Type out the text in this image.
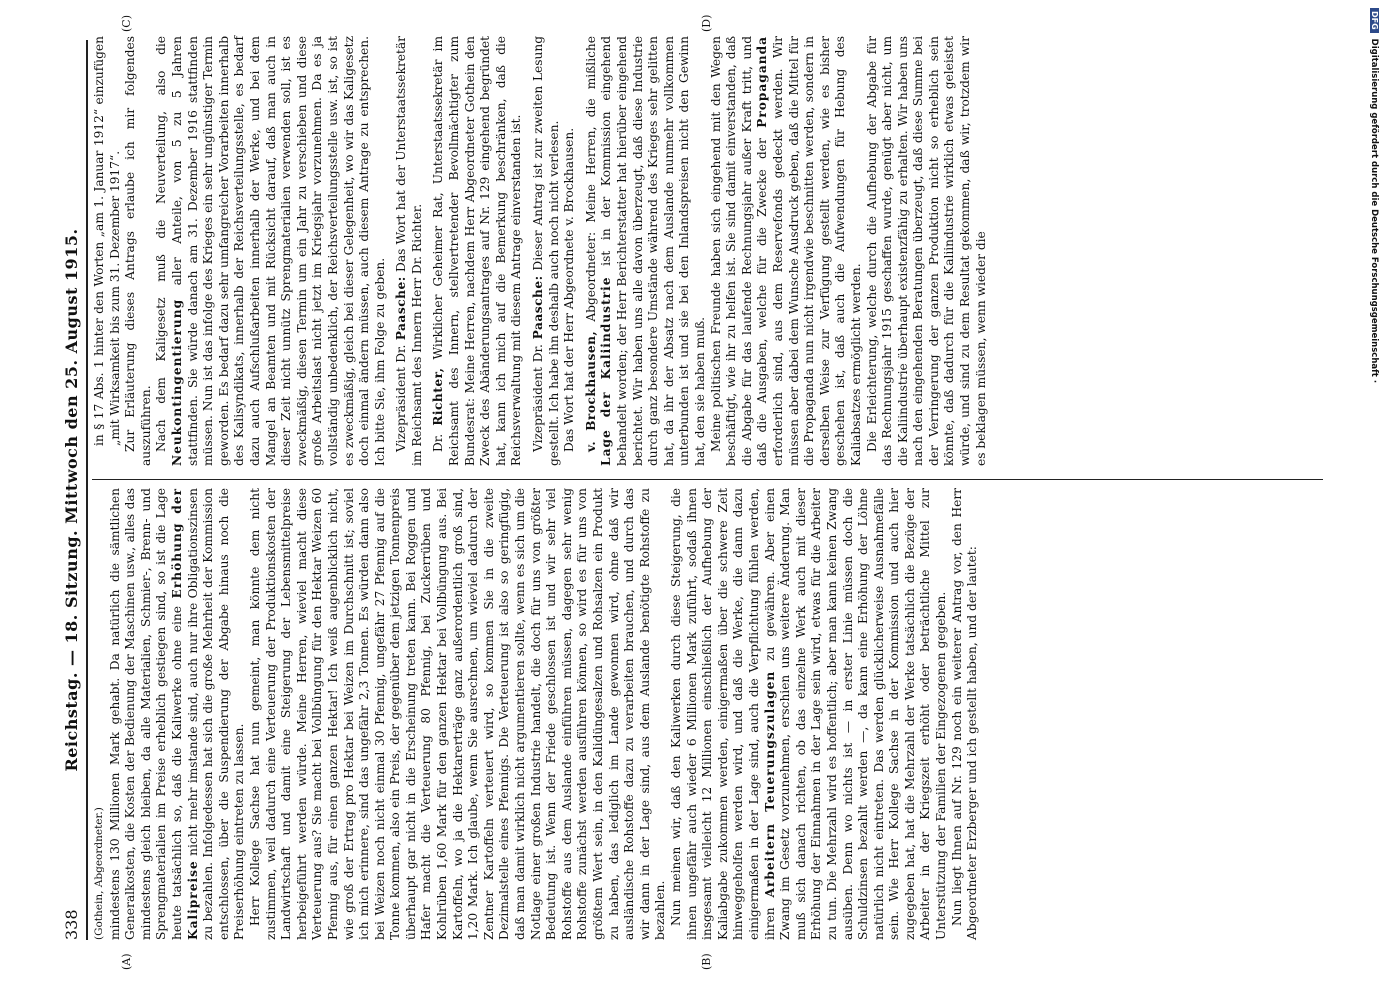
338
Reichstag. — 18. Sitzung. Mittwoch den 25. August 1915.
(A)	(B)
(C)	(D)

(Gothein, Abgeordneter.) mindestens 130 Millionen Mark gehabt. Da natürlich die sämtlichen Generalkosten, die Kosten der Bedienung der Maschinen usw., alles das mindestens gleich bleiben, da alle Materialien, Schmier-, Brenn- und Sprengmaterialien im Preise erheblich gestiegen sind, so ist die Lage heute tatsächlich so, daß die Kaliwerke ohne eine Erhöhung der Kalipreise nicht mehr imstande sind, auch nur ihre Obligationszinsen zu bezahlen. Infolgedessen hat sich die große Mehrheit der Kommission entschlossen, über die Suspendierung der Abgabe hinaus noch die Preiserhöhung eintreten zu lassen. Herr Kollege Sachse hat nun gemeint, man könnte dem nicht zustimmen, weil dadurch eine Verteuerung der Produktionskosten der Landwirtschaft und damit eine Steigerung der Lebensmittelpreise herbeigeführt werden würde. Meine Herren, wieviel macht diese Verteuerung aus? Sie macht bei Vollbüngung für den Hektar Weizen 60 Pfennig aus, für einen ganzen Hektar! Ich weiß augenblicklich nicht, wie groß der Ertrag pro Hektar bei Weizen im Durchschnitt ist; soviel ich mich erinnere, sind das ungefähr 2,3 Tonnen. Es würden dann also bei Weizen noch nicht einmal 30 Pfennig, ungefähr 27 Pfennig auf die Tonne kommen, also ein Preis, der gegenüber dem jetzigen Tonnenpreis überhaupt gar nicht in die Erscheinung treten kann. Bei Roggen und Hafer macht die Verteuerung 80 Pfennig, bei Zuckerrüben und Kohlrüben 1,60 Mark für den ganzen Hektar bei Vollbüngung aus. Bei Kartoffeln, wo ja die Hektarerträge ganz außerordentlich groß sind, 1,20 Mark. Ich glaube, wenn Sie ausrechnen, um wieviel dadurch der Zentner Kartoffeln verteuert wird, so kommen Sie in die zweite Dezimalstelle eines Pfennigs. Die Verteuerung ist also so geringfügig, daß man damit wirklich nicht argumentieren sollte, wenn es sich um die Notlage einer großen Industrie handelt, die doch für uns von größter Bedeutung ist. Wenn der Friede geschlossen ist und wir sehr viel Rohstoffe aus dem Auslande einführen müssen, dagegen sehr wenig Rohstoffe zunächst werden ausführen können, so wird es für uns von größtem Wert sein, in den Kalidüngesalzen und Rohsalzen ein Produkt zu haben, das lediglich im Lande gewonnen wird, ohne daß wir ausländische Rohstoffe dazu zu verarbeiten brauchen, und durch das wir dann in der Lage sind, aus dem Auslande benötigte Rohstoffe zu bezahlen. Nun meinen wir, daß den Kaliwerken durch diese Steigerung, die ihnen ungefähr auch wieder 6 Millionen Mark zuführt, sodaß ihnen insgesamt vielleicht 12 Millionen einschließlich der Aufhebung der Kaliabgabe zukommen werden, einigermaßen über die schwere Zeit hinweggeholfen werden wird, und daß die Werke, die dann dazu einigermaßen in der Lage sind, auch die Verpflichtung fühlen werden, ihren Arbeitern Teuerungszulagen zu gewähren. Aber einen Zwang im Gesetz vorzunehmen, erschien uns weitere Änderung. Man muß sich danach richten, ob das einzelne Werk auch mit dieser Erhöhung der Einnahmen in der Lage sein wird, etwas für die Arbeiter zu tun. Die Mehrzahl wird es hoffentlich; aber man kann keinen Zwang ausüben. Denn wo nichts ist — in erster Linie müssen doch die Schuldzinsen bezahlt werden —, da kann eine Erhöhung der Löhne natürlich nicht eintreten. Das werden glücklicherweise Ausnahmefälle sein. Wie Herr Kollege Sachse in der Kommission und auch hier zugegeben hat, hat die Mehrzahl der Werke tatsächlich die Bezüge der Arbeiter in der Kriegszeit erhöht oder beträchtliche Mittel zur Unterstützung der Familien der Eingezogenen gegeben. Nun liegt Ihnen auf Nr. 129 noch ein weiterer Antrag vor, den Herr Abgeordneter Erzberger und ich gestellt haben, und der lautet:

in § 17 Abs. 1 hinter den Worten „am 1. Januar 1912“ einzufügen „mit Wirksamkeit bis zum 31. Dezember 1917“. Zur Erläuterung dieses Antrags erlaube ich mir folgendes auszuführen. Nach dem Kaligesetz muß die Neuverteilung, also die Neukontingentierung aller Anteile, von 5 zu 5 Jahren stattfinden. Sie würde danach am 31. Dezember 1916 stattfinden müssen. Nun ist das infolge des Krieges ein sehr ungünstiger Termin geworden. Es bedarf dazu sehr umfangreicher Vorarbeiten innerhalb des Kalisyndikats, innerhalb der Reichsverteilungsstelle, es bedarf dazu auch Aufschlußarbeiten innerhalb der Werke, und bei dem Mangel an Beamten und mit Rücksicht darauf, daß man auch in dieser Zeit nicht unnütz Sprengmaterialien verwenden soll, ist es zweckmäßig, diesen Termin um ein Jahr zu verschieben und diese große Arbeitslast nicht jetzt im Kriegsjahr vorzunehmen. Da es ja vollständig unbedenklich, der Reichsverteilungsstelle usw. ist, so ist es zweckmäßig, gleich bei dieser Gelegenheit, wo wir das Kaligesetz doch einmal ändern müssen, auch diesem Antrage zu entsprechen. Ich bitte Sie, ihm Folge zu geben. Vizepräsident Dr. Paasche: Das Wort hat der Unterstaatssekretär im Reichsamt des Innern Herr Dr. Richter. Dr. Richter, Wirklicher Geheimer Rat, Unterstaatssekretär im Reichsamt des Innern, stellvertretender Bevollmächtigter zum Bundesrat: Meine Herren, nachdem Herr Abgeordneter Gothein den Zweck des Abänderungsantrages auf Nr. 129 eingehend begründet hat, kann ich mich auf die Bemerkung beschränken, daß die Reichsverwaltung mit diesem Antrage einverstanden ist. Vizepräsident Dr. Paasche: Dieser Antrag ist zur zweiten Lesung gestellt. Ich habe ihn deshalb auch noch nicht verlesen. Das Wort hat der Herr Abgeordnete v. Brockhausen. v. Brockhausen, Abgeordneter: Meine Herren, die mißliche Lage der Kaliindustrie ist in der Kommission eingehend behandelt worden; der Herr Berichterstatter hat hierüber eingehend berichtet. Wir haben uns alle davon überzeugt, daß diese Industrie durch ganz besondere Umstände während des Krieges sehr gelitten hat, da ihr der Absatz nach dem Auslande nunmehr vollkommen unterbunden ist und sie bei den Inlandspreisen nicht den Gewinn hat, den sie haben muß. Meine politischen Freunde haben sich eingehend mit den Wegen beschäftigt, wie ihr zu helfen ist. Sie sind damit einverstanden, daß die Abgabe für das laufende Rechnungsjahr außer Kraft tritt, und daß die Ausgaben, welche für die Zwecke der Propaganda erforderlich sind, aus dem Reservefonds gedeckt werden. Wir müssen aber dabei dem Wunsche Ausdruck geben, daß die Mittel für die Propaganda nun nicht irgendwie beschnitten werden, sondern in derselben Weise zur Verfügung gestellt werden, wie es bisher geschehen ist, daß auch die Aufwendungen für Hebung des Kaliabsatzes ermöglicht werden. Die Erleichterung, welche durch die Aufhebung der Abgabe für das Rechnungsjahr 1915 geschaffen wurde, genügt aber nicht, um die Kaliindustrie überhaupt existenzfähig zu erhalten. Wir haben uns nach den eingehenden Beratungen überzeugt, daß diese Summe bei der Verringerung der ganzen Produktion nicht so erheblich sein könnte, daß dadurch für die Kaliindustrie wirklich etwas geleistet würde, und sind zu dem Resultat gekommen, daß wir, trotzdem wir es beklagen müssen, wenn wieder die

DFGDigitalisierung gefördert durch die Deutsche Forschungsgemeinschaft ·
